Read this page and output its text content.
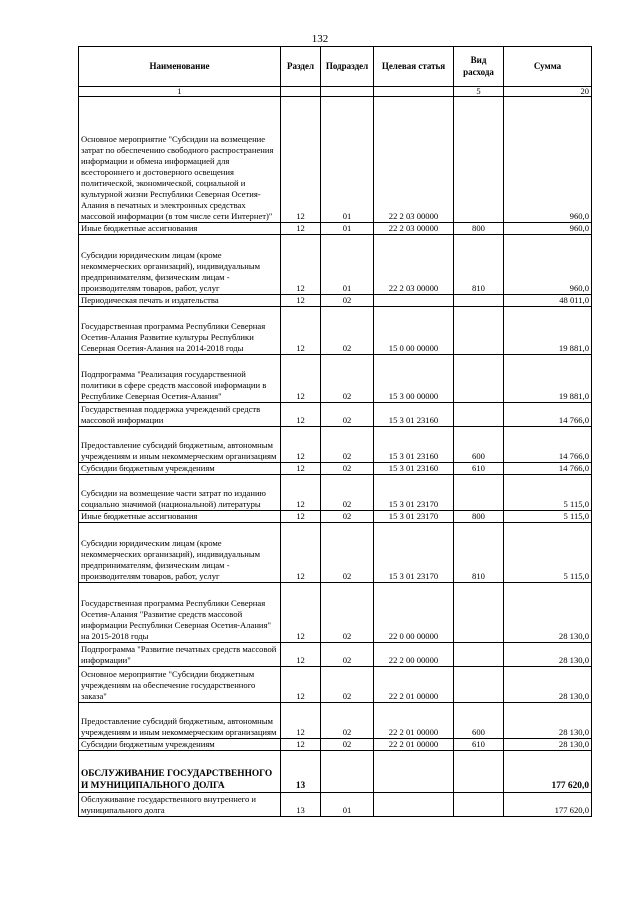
132
Наименование	Раздел	Подраздел	Целевая статья	Вид расхода	Сумма
1				5	20
Основное мероприятие "Субсидии на возмещение затрат по обеспечению свободного распространения информации и обмена информацией для всестороннего и достоверного освещения политической, экономической, социальной и культурной жизни Республики Северная Осетия-Алания в печатных и электронных средствах массовой информации (в том числе сети Интернет)"	12	01	22 2 03 00000		960,0
Иные бюджетные ассигнования	12	01	22 2 03 00000	800	960,0
Субсидии юридическим лицам (кроме некоммерческих организаций), индивидуальным предпринимателям, физическим лицам - производителям товаров, работ, услуг	12	01	22 2 03 00000	810	960,0
Периодическая печать и издательства	12	02			48 011,0
Государственная программа Республики Северная Осетия-Алания Развитие культуры Республики Северная Осетия-Алания на 2014-2018 годы	12	02	15 0 00 00000		19 881,0
Подпрограмма "Реализация государственной политики в сфере средств массовой информации в Республике Северная Осетия-Алания"	12	02	15 3 00 00000		19 881,0
Государственная поддержка учреждений средств массовой информации	12	02	15 3 01 23160		14 766,0
Предоставление субсидий бюджетным, автономным учреждениям и иным некоммерческим организациям	12	02	15 3 01 23160	600	14 766,0
Субсидии бюджетным учреждениям	12	02	15 3 01 23160	610	14 766,0
Субсидии на возмещение части затрат по изданию социально значимой (национальной) литературы	12	02	15 3 01 23170		5 115,0
Иные бюджетные ассигнования	12	02	15 3 01 23170	800	5 115,0
Субсидии юридическим лицам (кроме некоммерческих организаций), индивидуальным предпринимателям, физическим лицам - производителям товаров, работ, услуг	12	02	15 3 01 23170	810	5 115,0
Государственная программа Республики Северная Осетия-Алания "Развитие средств массовой информации Республики Северная Осетия-Алания" на 2015-2018 годы	12	02	22 0 00 00000		28 130,0
Подпрограмма "Развитие печатных средств массовой информации"	12	02	22 2 00 00000		28 130,0
Основное мероприятие "Субсидии бюджетным учреждениям на обеспечение государственного заказа"	12	02	22 2 01 00000		28 130,0
Предоставление субсидий бюджетным, автономным учреждениям и иным некоммерческим организациям	12	02	22 2 01 00000	600	28 130,0
Субсидии бюджетным учреждениям	12	02	22 2 01 00000	610	28 130,0
ОБСЛУЖИВАНИЕ ГОСУДАРСТВЕННОГО И МУНИЦИПАЛЬНОГО ДОЛГА	13				177 620,0
Обслуживание государственного внутреннего и муниципального долга	13	01			177 620,0
